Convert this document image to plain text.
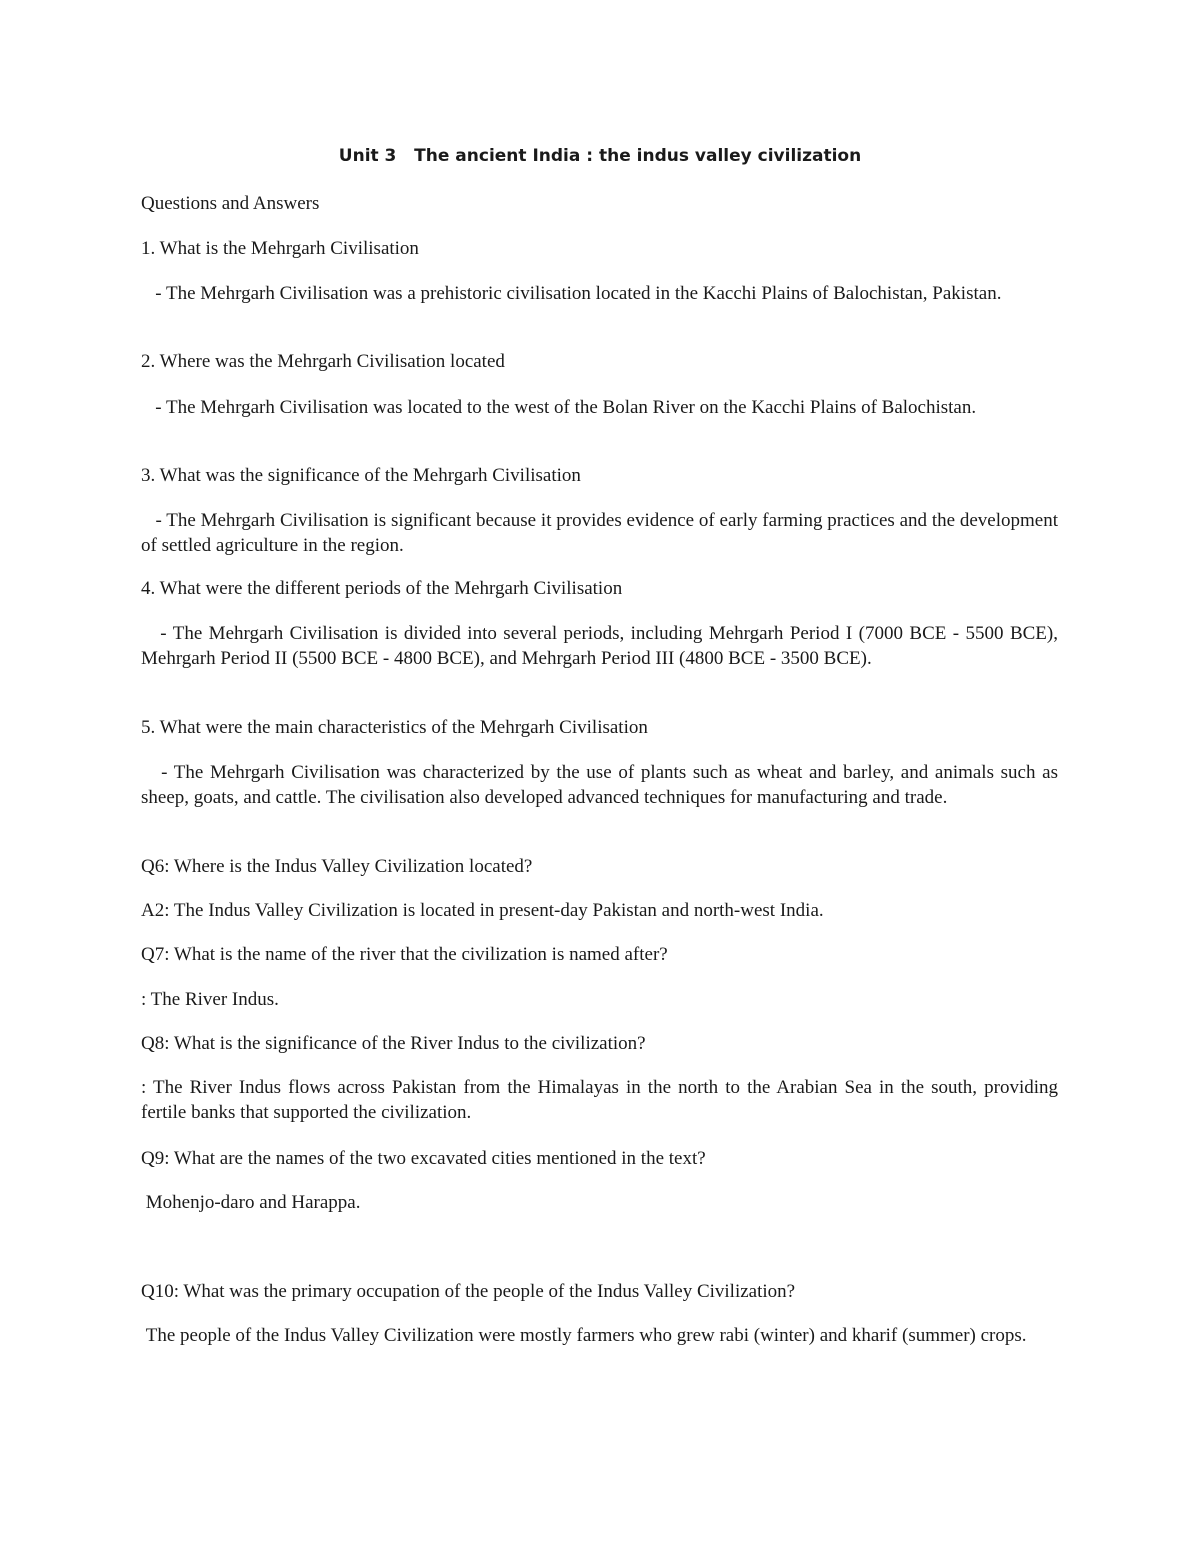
Unit 3   The ancient India : the indus valley civilization

Questions and Answers

1. What is the Mehrgarh Civilisation

- The Mehrgarh Civilisation was a prehistoric civilisation located in the Kacchi Plains of Balochistan, Pakistan.

2. Where was the Mehrgarh Civilisation located

- The Mehrgarh Civilisation was located to the west of the Bolan River on the Kacchi Plains of Balochistan.

3. What was the significance of the Mehrgarh Civilisation

- The Mehrgarh Civilisation is significant because it provides evidence of early farming practices and the development of settled agriculture in the region.

4. What were the different periods of the Mehrgarh Civilisation

- The Mehrgarh Civilisation is divided into several periods, including Mehrgarh Period I (7000 BCE - 5500 BCE), Mehrgarh Period II (5500 BCE - 4800 BCE), and Mehrgarh Period III (4800 BCE - 3500 BCE).

5. What were the main characteristics of the Mehrgarh Civilisation

- The Mehrgarh Civilisation was characterized by the use of plants such as wheat and barley, and animals such as sheep, goats, and cattle. The civilisation also developed advanced techniques for manufacturing and trade.

Q6: Where is the Indus Valley Civilization located?

A2: The Indus Valley Civilization is located in present-day Pakistan and north-west India.

Q7: What is the name of the river that the civilization is named after?

: The River Indus.

Q8: What is the significance of the River Indus to the civilization?

: The River Indus flows across Pakistan from the Himalayas in the north to the Arabian Sea in the south, providing fertile banks that supported the civilization.

Q9: What are the names of the two excavated cities mentioned in the text?

Mohenjo-daro and Harappa.

Q10: What was the primary occupation of the people of the Indus Valley Civilization?

The people of the Indus Valley Civilization were mostly farmers who grew rabi (winter) and kharif (summer) crops.
